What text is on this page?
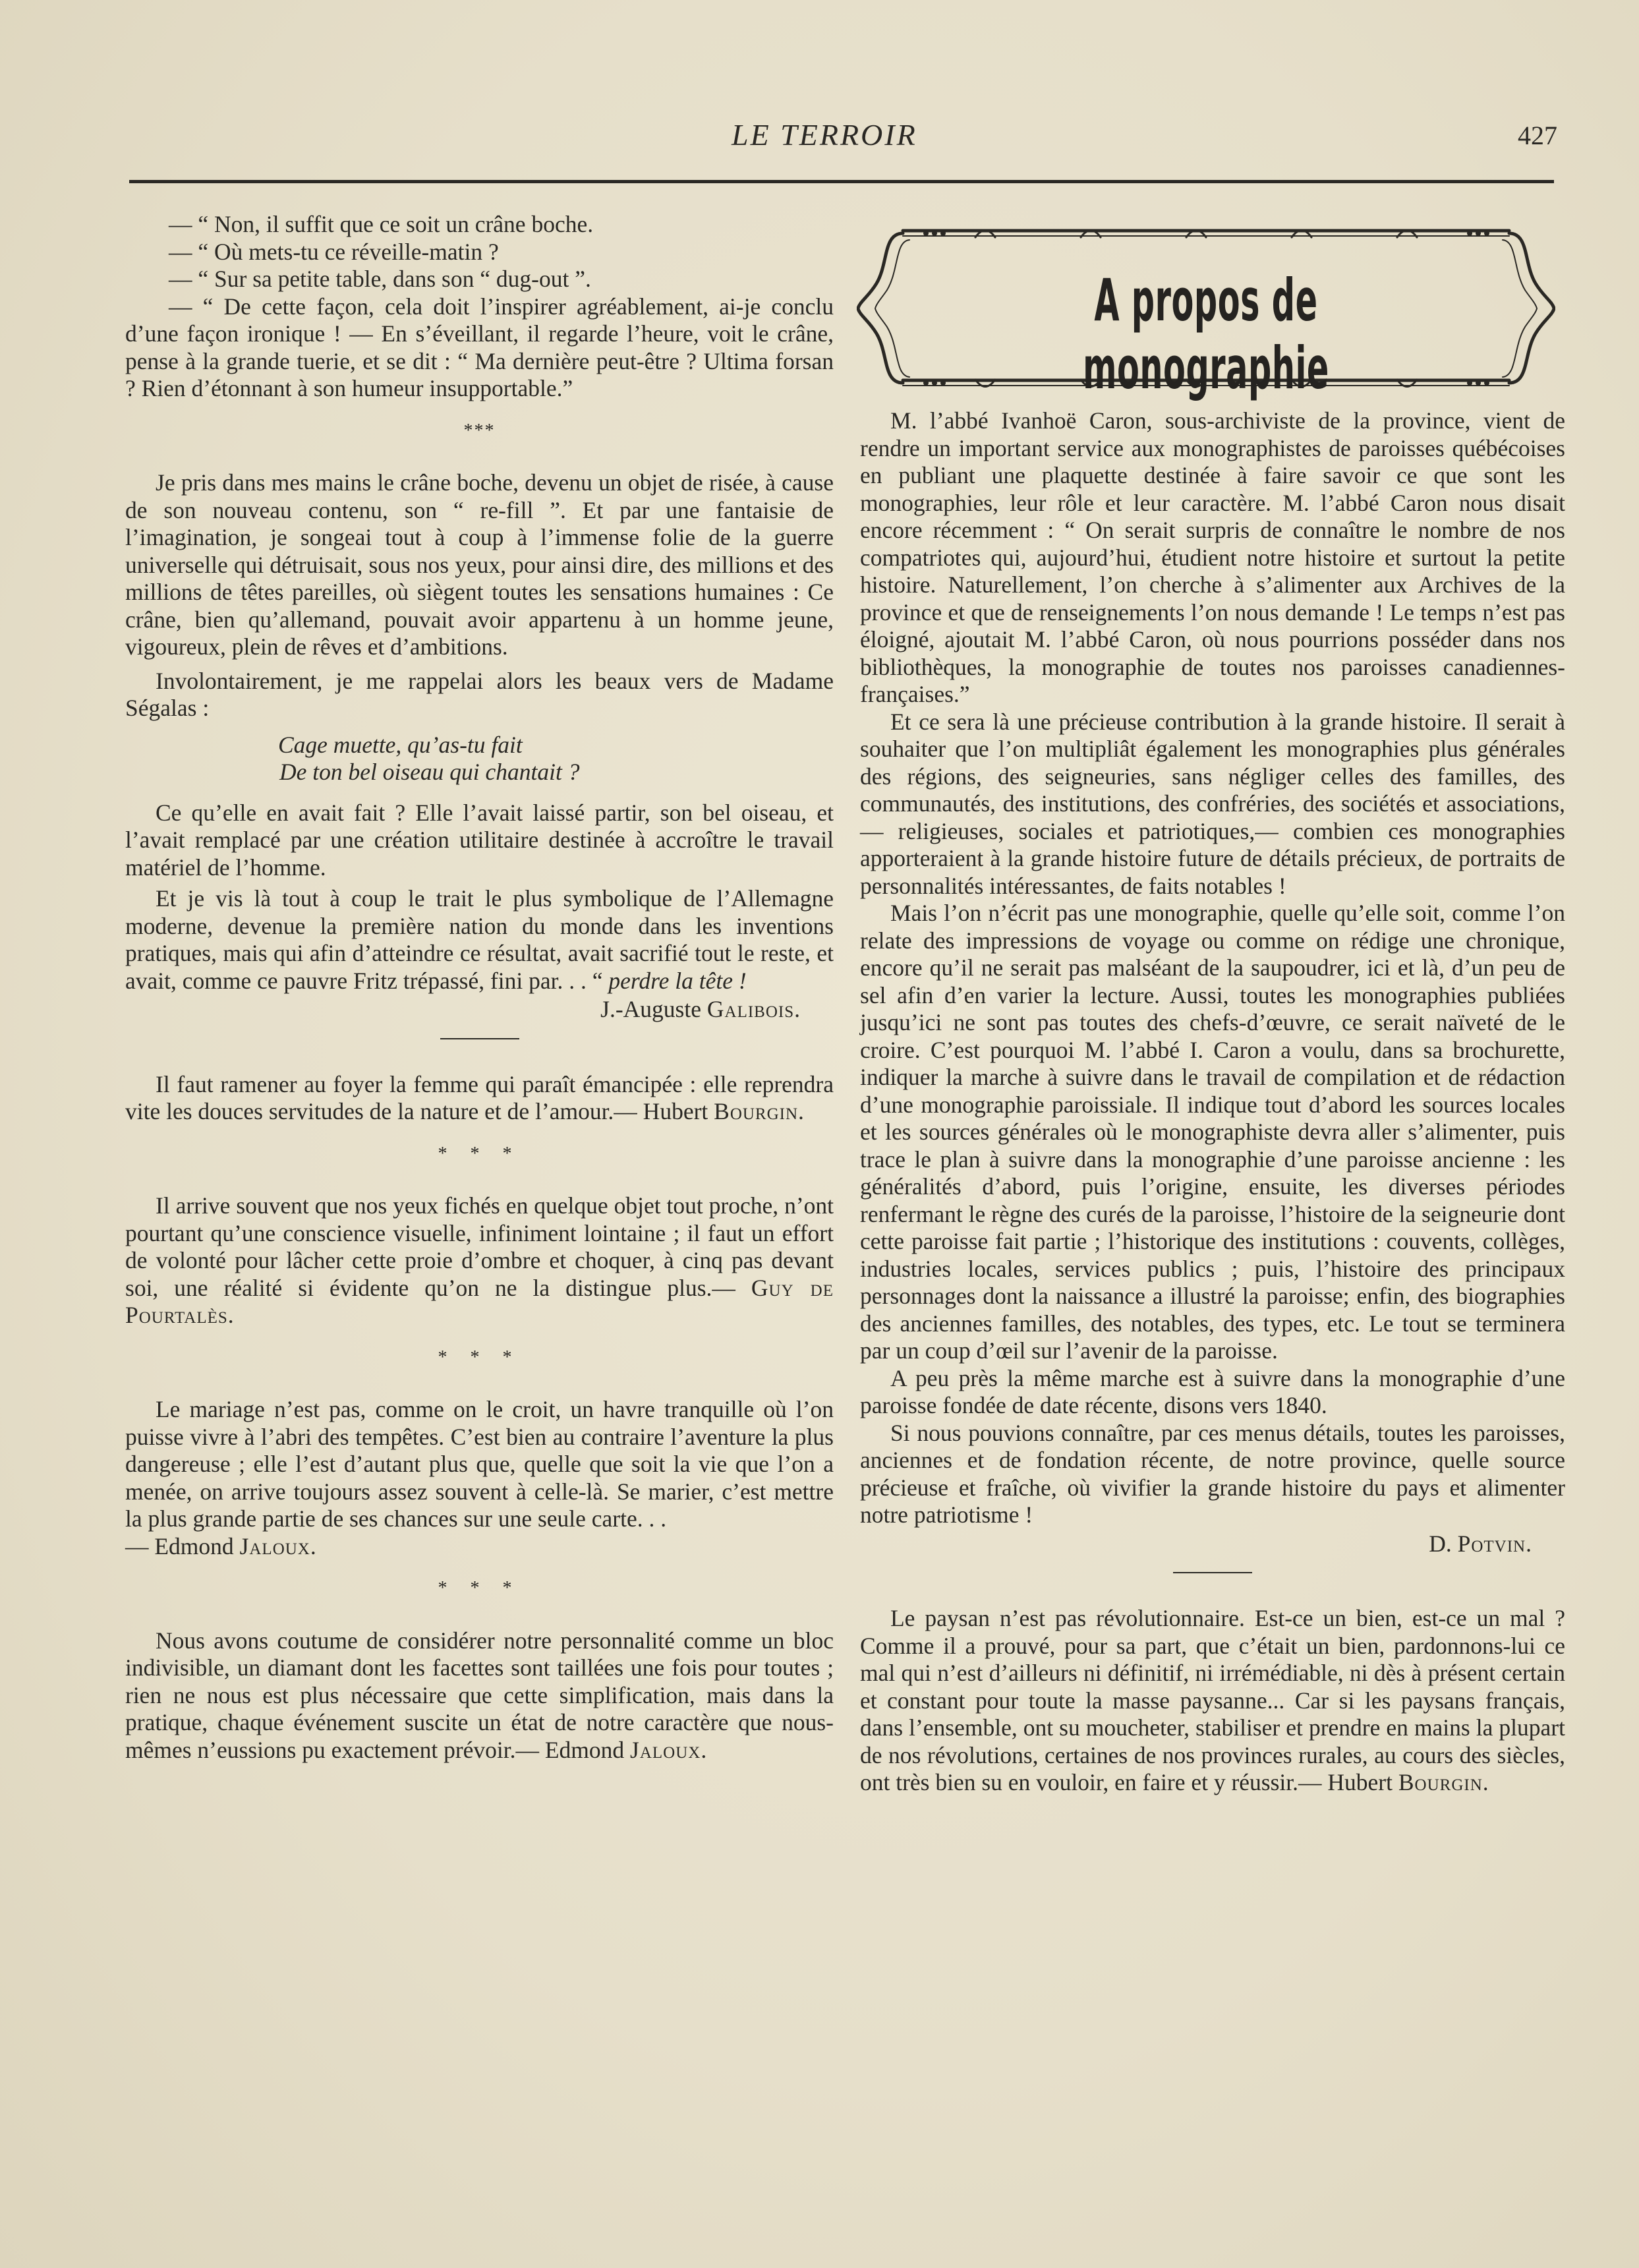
LE TERROIR	427

— “ Non, il suffit que ce soit un crâne boche.

— “ Où mets-tu ce réveille-matin ?

— “ Sur sa petite table, dans son “ dug-out ”.

— “ De cette façon, cela doit l’inspirer agréablement, ai-je conclu d’une façon ironique ! — En s’éveillant, il regarde l’heure, voit le crâne, pense à la grande tuerie, et se dit : “ Ma dernière peut-être ? Ultima forsan ? Rien d’étonnant à son humeur insupportable.”

***

Je pris dans mes mains le crâne boche, devenu un objet de risée, à cause de son nouveau contenu, son “ re-fill ”. Et par une fantaisie de l’imagination, je songeai tout à coup à l’immense folie de la guerre universelle qui détruisait, sous nos yeux, pour ainsi dire, des millions et des millions de têtes pareilles, où siègent toutes les sensations humaines : Ce crâne, bien qu’allemand, pouvait avoir appartenu à un homme jeune, vigoureux, plein de rêves et d’ambitions.

Involontairement, je me rappelai alors les beaux vers de Madame Ségalas :

Cage muette, qu’as-tu fait
De ton bel oiseau qui chantait ?

Ce qu’elle en avait fait ? Elle l’avait laissé partir, son bel oiseau, et l’avait remplacé par une création utilitaire destinée à accroître le travail matériel de l’homme.

Et je vis là tout à coup le trait le plus symbolique de l’Allemagne moderne, devenue la première nation du monde dans les inventions pratiques, mais qui afin d’atteindre ce résultat, avait sacrifié tout le reste, et avait, comme ce pauvre Fritz trépassé, fini par. . . “ perdre la tête !

J.-Auguste Galibois.

Il faut ramener au foyer la femme qui paraît émancipée : elle reprendra vite les douces servitudes de la nature et de l’amour.— Hubert Bourgin.

* * *

Il arrive souvent que nos yeux fichés en quelque objet tout proche, n’ont pourtant qu’une conscience visuelle, infiniment lointaine ; il faut un effort de volonté pour lâcher cette proie d’ombre et choquer, à cinq pas devant soi, une réalité si évidente qu’on ne la distingue plus.— Guy de Pourtalès.

* * *

Le mariage n’est pas, comme on le croit, un havre tranquille où l’on puisse vivre à l’abri des tempêtes. C’est bien au contraire l’aventure la plus dangereuse ; elle l’est d’autant plus que, quelle que soit la vie que l’on a menée, on arrive toujours assez souvent à celle-là. Se marier, c’est mettre la plus grande partie de ses chances sur une seule carte. . .
— Edmond Jaloux.

* * *

Nous avons coutume de considérer notre personnalité comme un bloc indivisible, un diamant dont les facettes sont taillées une fois pour toutes ; rien ne nous est plus nécessaire que cette simplification, mais dans la pratique, chaque événement suscite un état de notre caractère que nous-mêmes n’eussions pu exactement prévoir.— Edmond Jaloux.

A propos de monographie

M. l’abbé Ivanhoë Caron, sous-archiviste de la province, vient de rendre un important service aux monographistes de paroisses québécoises en publiant une plaquette destinée à faire savoir ce que sont les monographies, leur rôle et leur caractère. M. l’abbé Caron nous disait encore récemment : “ On serait surpris de connaître le nombre de nos compatriotes qui, aujourd’hui, étudient notre histoire et surtout la petite histoire. Naturellement, l’on cherche à s’alimenter aux Archives de la province et que de renseignements l’on nous demande ! Le temps n’est pas éloigné, ajoutait M. l’abbé Caron, où nous pourrions posséder dans nos bibliothèques, la monographie de toutes nos paroisses canadiennes-françaises.”

Et ce sera là une précieuse contribution à la grande histoire. Il serait à souhaiter que l’on multipliât également les monographies plus générales des régions, des seigneuries, sans négliger celles des familles, des communautés, des institutions, des confréries, des sociétés et associations,— religieuses, sociales et patriotiques,— combien ces monographies apporteraient à la grande histoire future de détails précieux, de portraits de personnalités intéressantes, de faits notables !

Mais l’on n’écrit pas une monographie, quelle qu’elle soit, comme l’on relate des impressions de voyage ou comme on rédige une chronique, encore qu’il ne serait pas malséant de la saupoudrer, ici et là, d’un peu de sel afin d’en varier la lecture. Aussi, toutes les monographies publiées jusqu’ici ne sont pas toutes des chefs-d’œuvre, ce serait naïveté de le croire. C’est pourquoi M. l’abbé I. Caron a voulu, dans sa brochurette, indiquer la marche à suivre dans le travail de compilation et de rédaction d’une monographie paroissiale. Il indique tout d’abord les sources locales et les sources générales où le monographiste devra aller s’alimenter, puis trace le plan à suivre dans la monographie d’une paroisse ancienne : les généralités d’abord, puis l’origine, ensuite, les diverses périodes renfermant le règne des curés de la paroisse, l’histoire de la seigneurie dont cette paroisse fait partie ; l’historique des institutions : couvents, collèges, industries locales, services publics ; puis, l’histoire des principaux personnages dont la naissance a illustré la paroisse; enfin, des biographies des anciennes familles, des notables, des types, etc. Le tout se terminera par un coup d’œil sur l’avenir de la paroisse.

A peu près la même marche est à suivre dans la monographie d’une paroisse fondée de date récente, disons vers 1840.

Si nous pouvions connaître, par ces menus détails, toutes les paroisses, anciennes et de fondation récente, de notre province, quelle source précieuse et fraîche, où vivifier la grande histoire du pays et alimenter notre patriotisme !

D. Potvin.

Le paysan n’est pas révolutionnaire. Est-ce un bien, est-ce un mal ? Comme il a prouvé, pour sa part, que c’était un bien, pardonnons-lui ce mal qui n’est d’ailleurs ni définitif, ni irrémédiable, ni dès à présent certain et constant pour toute la masse paysanne... Car si les paysans français, dans l’ensemble, ont su moucheter, stabiliser et prendre en mains la plupart de nos révolutions, certaines de nos provinces rurales, au cours des siècles, ont très bien su en vouloir, en faire et y réussir.— Hubert Bourgin.
